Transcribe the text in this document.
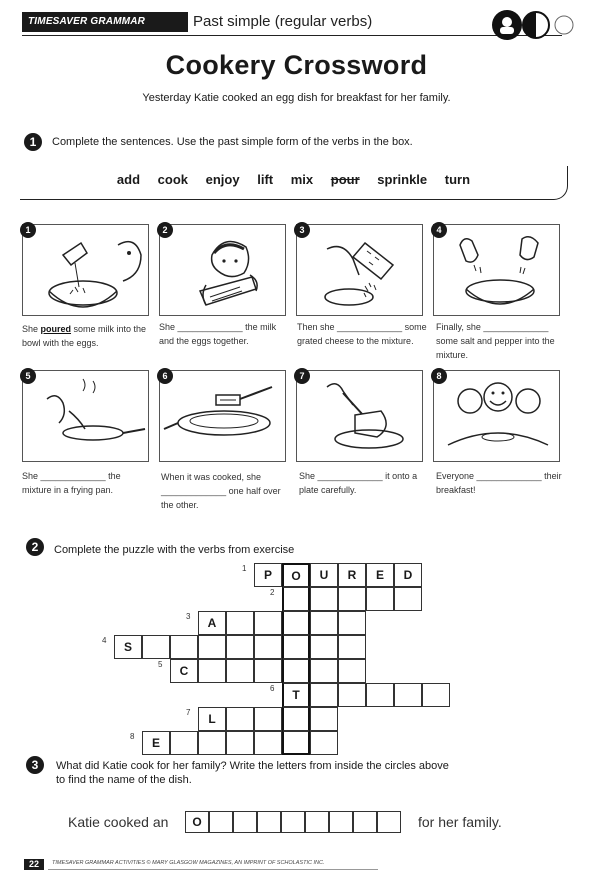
TIMESAVER GRAMMAR ACTIVITIES
Past simple (regular verbs)
Cookery Crossword
Yesterday Katie cooked an egg dish for breakfast for her family.
1	Complete the sentences. Use the past simple form of the verbs in the box.
add cook enjoy lift mix pour sprinkle turn
1	2	3	4
She poured some milk into the bowl with the eggs.
She _____________ the milk and the eggs together.
Then she _____________ some grated cheese to the mixture.
Finally, she _____________ some salt and pepper into the mixture.
5	6	7	8
She _____________ the mixture in a frying pan.
When it was cooked, she _____________ one half over the other.
She _____________ it onto a plate carefully.
Everyone _____________ their breakfast!
2	Complete the puzzle with the verbs from exercise
1	P	O	U	R	E	D
2
3	A
4	S
5	C
6	T
7	L
8	E
3	What did Katie cook for her family? Write the letters from inside the circles above
to find the name of the dish.
Katie cooked an	O	for her family.
22	TIMESAVER GRAMMAR ACTIVITIES © MARY GLASGOW MAGAZINES, AN IMPRINT OF SCHOLASTIC INC.
